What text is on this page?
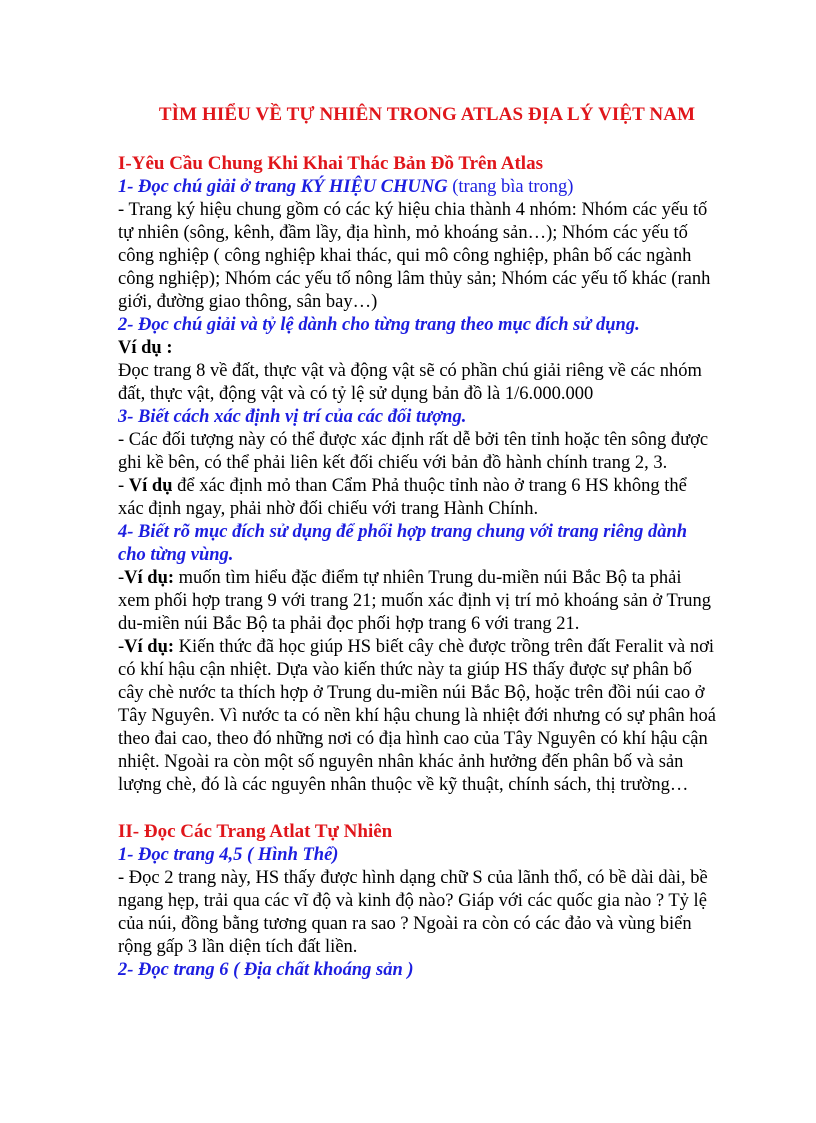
TÌM HIỂU VỀ TỰ NHIÊN TRONG ATLAS ĐỊA LÝ VIỆT NAM
I-Yêu Cầu Chung Khi Khai Thác Bản Đồ Trên Atlas
1- Đọc chú giải ở trang KÝ HIỆU CHUNG (trang bìa trong)
- Trang ký hiệu chung gồm có các ký hiệu chia thành 4 nhóm: Nhóm các yếu tố tự nhiên (sông, kênh, đầm lầy, địa hình, mỏ khoáng sản…); Nhóm các yếu tố công nghiệp ( công nghiệp khai thác, qui mô công nghiệp, phân bố các ngành công nghiệp); Nhóm các yếu tố nông lâm thủy sản; Nhóm các yếu tố khác (ranh giới, đường giao thông, sân bay…)
2- Đọc chú giải và tỷ lệ dành cho từng trang theo mục đích sử dụng.
Ví dụ :
Đọc trang 8 về đất, thực vật và động vật sẽ có phần chú giải riêng về các nhóm đất, thực vật, động vật và có tỷ lệ sử dụng bản đồ là 1/6.000.000
3- Biết cách xác định vị trí của các đối tượng.
- Các đối tượng này có thể được xác định rất dễ bởi tên tỉnh hoặc tên sông được ghi kề bên, có thể phải liên kết đối chiếu với bản đồ hành chính trang 2, 3.
- Ví dụ để xác định mỏ than Cẩm Phả thuộc tỉnh nào ở trang 6 HS không thể xác định ngay, phải nhờ đối chiếu với trang Hành Chính.
4- Biết rõ mục đích sử dụng để phối hợp trang chung với trang riêng dành cho từng vùng.
-Ví dụ: muốn tìm hiểu đặc điểm tự nhiên Trung du-miền núi Bắc Bộ ta phải xem phối hợp trang 9 với trang 21; muốn xác định vị trí mỏ khoáng sản ở Trung du-miền núi Bắc Bộ ta phải đọc phối hợp trang 6 với trang 21.
-Ví dụ: Kiến thức đã học giúp HS biết cây chè được trồng trên đất Feralit và nơi có khí hậu cận nhiệt. Dựa vào kiến thức này ta giúp HS thấy được sự phân bố cây chè nước ta thích hợp ở Trung du-miền núi Bắc Bộ, hoặc trên đồi núi cao ở Tây Nguyên. Vì nước ta có nền khí hậu chung là nhiệt đới nhưng có sự phân hoá theo đai cao, theo đó những nơi có địa hình cao của Tây Nguyên có khí hậu cận nhiệt. Ngoài ra còn một số nguyên nhân khác ảnh hưởng đến phân bố và sản lượng chè, đó là các nguyên nhân thuộc về kỹ thuật, chính sách, thị trường…
II- Đọc Các Trang Atlat Tự Nhiên
1- Đọc trang 4,5 ( Hình Thể)
- Đọc 2 trang này, HS thấy được hình dạng chữ S của lãnh thổ, có bề dài dài, bề ngang hẹp, trải qua các vĩ độ và kinh độ nào? Giáp với các quốc gia nào ? Tỷ lệ của núi, đồng bằng tương quan ra sao ? Ngoài ra còn có các đảo và vùng biển rộng gấp 3 lần diện tích đất liền.
2- Đọc trang 6 ( Địa chất khoáng sản )
